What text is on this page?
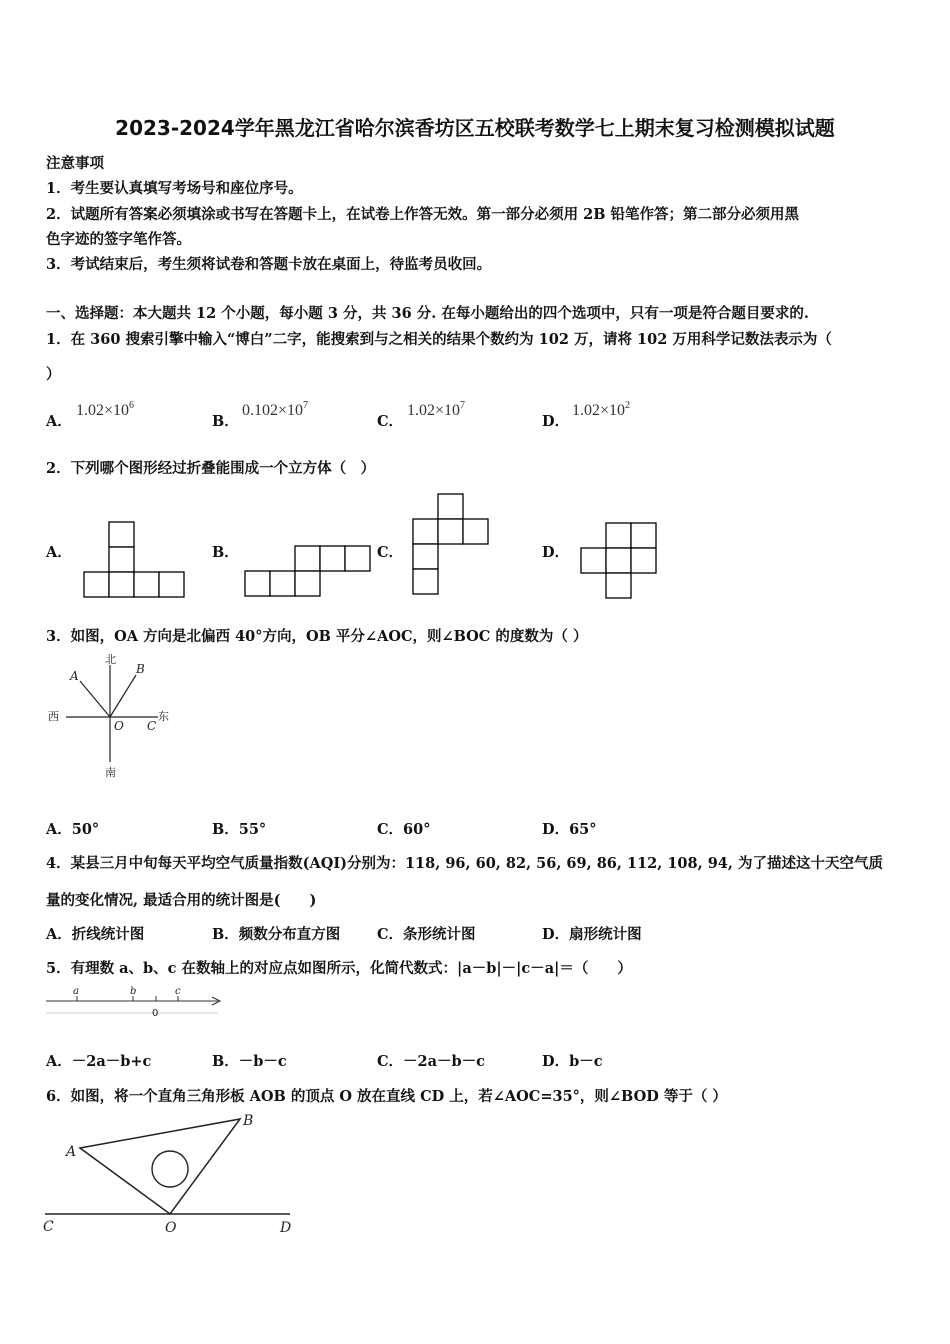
2023-2024学年黑龙江省哈尔滨香坊区五校联考数学七上期末复习检测模拟试题
注意事项
1．考生要认真填写考场号和座位序号。
2．试题所有答案必须填涂或书写在答题卡上，在试卷上作答无效。第一部分必须用 2B 铅笔作答；第二部分必须用黑
色字迹的签字笔作答。
3．考试结束后，考生须将试卷和答题卡放在桌面上，待监考员收回。
一、选择题：本大题共 12 个小题，每小题 3 分，共 36 分. 在每小题给出的四个选项中，只有一项是符合题目要求的.
1．在 360 搜索引擎中输入“博白”二字，能搜索到与之相关的结果个数约为 102 万，请将 102 万用科学记数法表示为（
）
A．
$1.02\times 10^6$
B．
$0.102\times 10^7$
C．
$1.02\times 10^7$
D．
$1.02\times 10^2$
2．下列哪个图形经过折叠能围成一个立方体（　）
A．	B．	C．	D．
3．如图，OA 方向是北偏西 40°方向，OB 平分∠AOC，则∠BOC 的度数为（ ）
北
南
西	东
A	B
O C
A．50°	B．55°	C．60°	D．65°
4．某县三月中旬每天平均空气质量指数(AQI)分别为：118, 96, 60, 82, 56, 69, 86, 112, 108, 94, 为了描述这十天空气质
量的变化情况, 最适合用的统计图是(　　)
A．折线统计图	B．频数分布直方图	C．条形统计图	D．扇形统计图
5．有理数 a、b、c 在数轴上的对应点如图所示，化简代数式：|a－b|－|c－a|＝（　　）
a	b	c
0
A．－2a－b+c	B．－b－c	C．－2a－b－c	D．b－c
6．如图，将一个直角三角形板 AOB 的顶点 O 放在直线 CD 上，若∠AOC=35°，则∠BOD 等于（ ）
A
B
C	O	D
